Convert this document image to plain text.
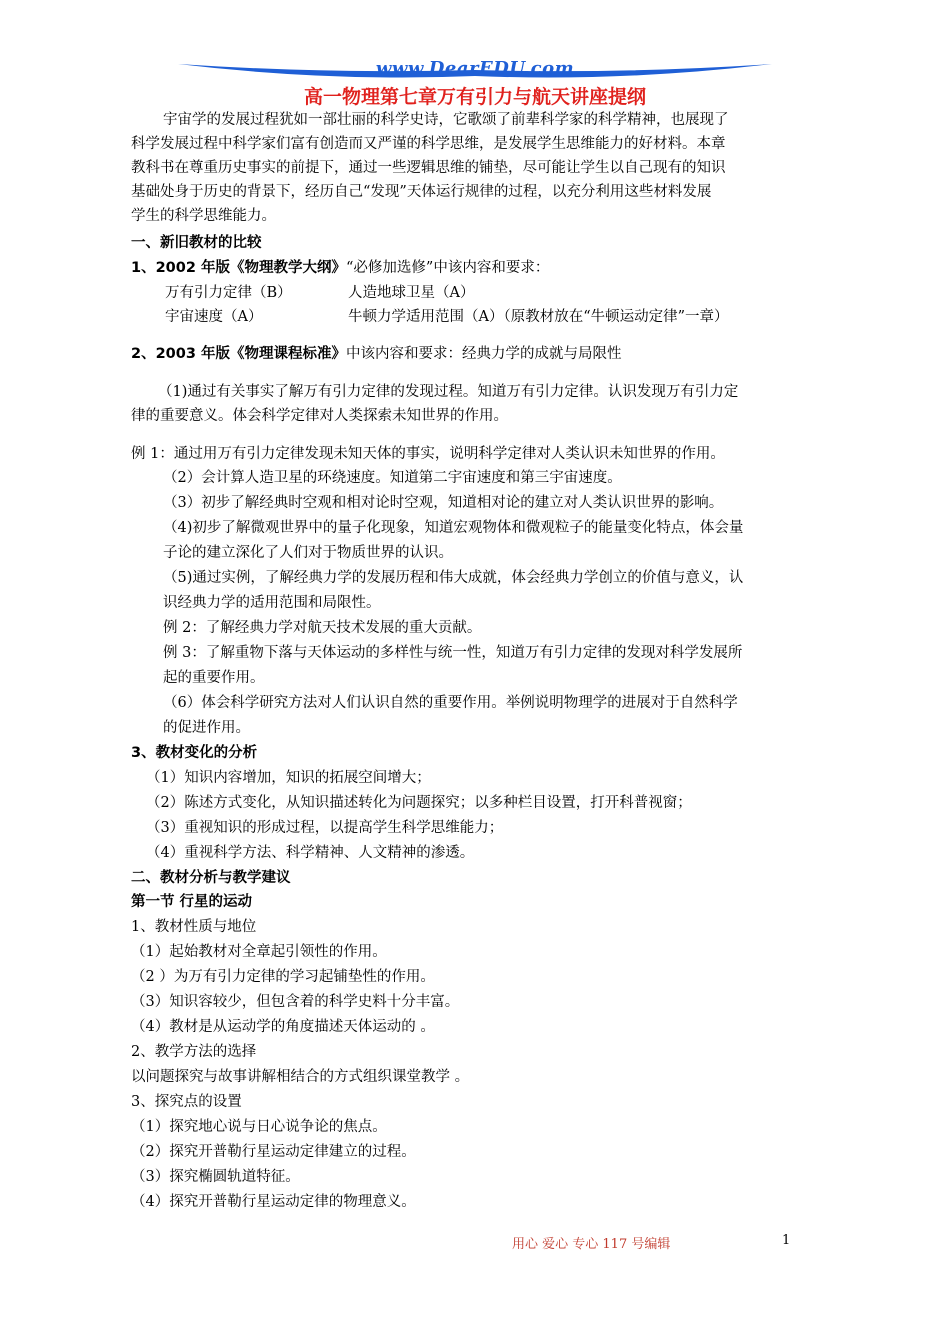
www.DearEDU.com
高一物理第七章万有引力与航天讲座提纲
宇宙学的发展过程犹如一部壮丽的科学史诗，它歌颂了前辈科学家的科学精神，也展现了
科学发展过程中科学家们富有创造而又严谨的科学思维，是发展学生思维能力的好材料。本章
教科书在尊重历史事实的前提下，通过一些逻辑思维的铺垫，尽可能让学生以自己现有的知识
基础处身于历史的背景下，经历自己“发现”天体运行规律的过程，以充分利用这些材料发展
学生的科学思维能力。
一、新旧教材的比较
1、2002 年版《物理教学大纲》“必修加选修”中该内容和要求：
万有引力定律（B）	人造地球卫星（A）
宇宙速度（A）	牛顿力学适用范围（A）（原教材放在“牛顿运动定律”一章）
2、2003 年版《物理课程标准》中该内容和要求：经典力学的成就与局限性
（1)通过有关事实了解万有引力定律的发现过程。知道万有引力定律。认识发现万有引力定
律的重要意义。体会科学定律对人类探索未知世界的作用。
例 1：通过用万有引力定律发现未知天体的事实，说明科学定律对人类认识未知世界的作用。
（2）会计算人造卫星的环绕速度。知道第二宇宙速度和第三宇宙速度。
（3）初步了解经典时空观和相对论时空观，知道相对论的建立对人类认识世界的影响。
（4)初步了解微观世界中的量子化现象，知道宏观物体和微观粒子的能量变化特点，体会量
子论的建立深化了人们对于物质世界的认识。
（5)通过实例，了解经典力学的发展历程和伟大成就，体会经典力学创立的价值与意义，认
识经典力学的适用范围和局限性。
例 2：了解经典力学对航天技术发展的重大贡献。
例 3：了解重物下落与天体运动的多样性与统一性，知道万有引力定律的发现对科学发展所
起的重要作用。
（6）体会科学研究方法对人们认识自然的重要作用。举例说明物理学的进展对于自然科学
的促进作用。
3、教材变化的分析
（1）知识内容增加，知识的拓展空间增大；
（2）陈述方式变化，从知识描述转化为问题探究；以多种栏目设置，打开科普视窗；
（3）重视知识的形成过程，以提高学生科学思维能力；
（4）重视科学方法、科学精神、人文精神的渗透。
二、教材分析与教学建议
第一节 行星的运动
1、教材性质与地位
（1）起始教材对全章起引领性的作用。
（2 ）为万有引力定律的学习起铺垫性的作用。
（3）知识容较少，但包含着的科学史料十分丰富。
（4）教材是从运动学的角度描述天体运动的 。
2、教学方法的选择
以问题探究与故事讲解相结合的方式组织课堂教学 。
3、探究点的设置
（1）探究地心说与日心说争论的焦点。
（2）探究开普勒行星运动定律建立的过程。
（3）探究椭圆轨道特征。
（4）探究开普勒行星运动定律的物理意义。
用心 爱心 专心 117 号编辑	1
